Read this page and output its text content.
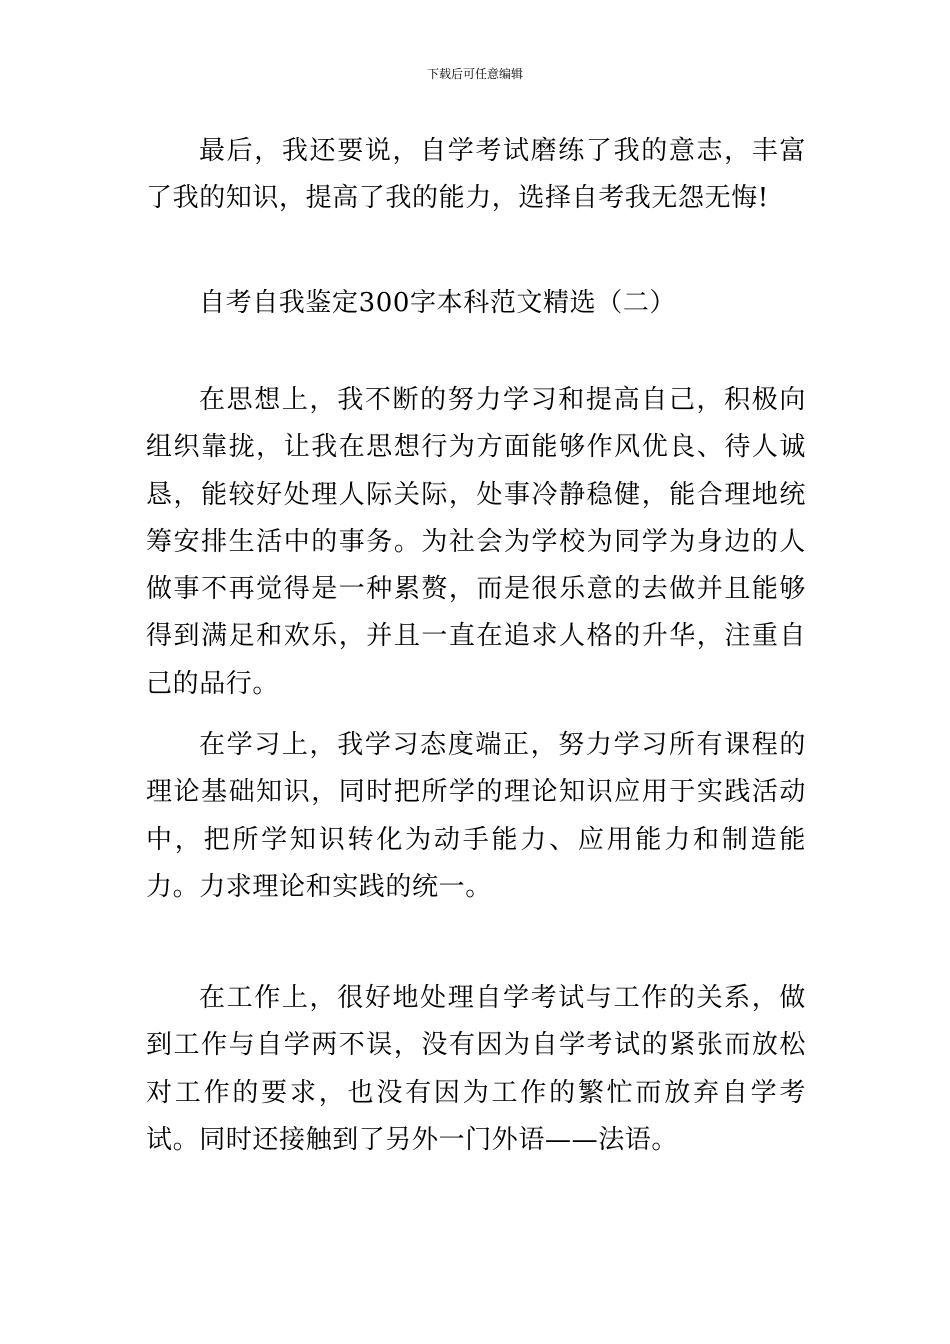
下载后可任意编辑

最后，我还要说，自学考试磨练了我的意志，丰富了我的知识，提高了我的能力，选择自考我无怨无悔!

自考自我鉴定300字本科范文精选（二）

在思想上，我不断的努力学习和提高自己，积极向组织靠拢，让我在思想行为方面能够作风优良、待人诚恳，能较好处理人际关际，处事冷静稳健，能合理地统筹安排生活中的事务。为社会为学校为同学为身边的人做事不再觉得是一种累赘，而是很乐意的去做并且能够得到满足和欢乐，并且一直在追求人格的升华，注重自己的品行。

在学习上，我学习态度端正，努力学习所有课程的理论基础知识，同时把所学的理论知识应用于实践活动中，把所学知识转化为动手能力、应用能力和制造能力。力求理论和实践的统一。

在工作上，很好地处理自学考试与工作的关系，做到工作与自学两不误，没有因为自学考试的紧张而放松对工作的要求，也没有因为工作的繁忙而放弃自学考试。同时还接触到了另外一门外语——法语。
